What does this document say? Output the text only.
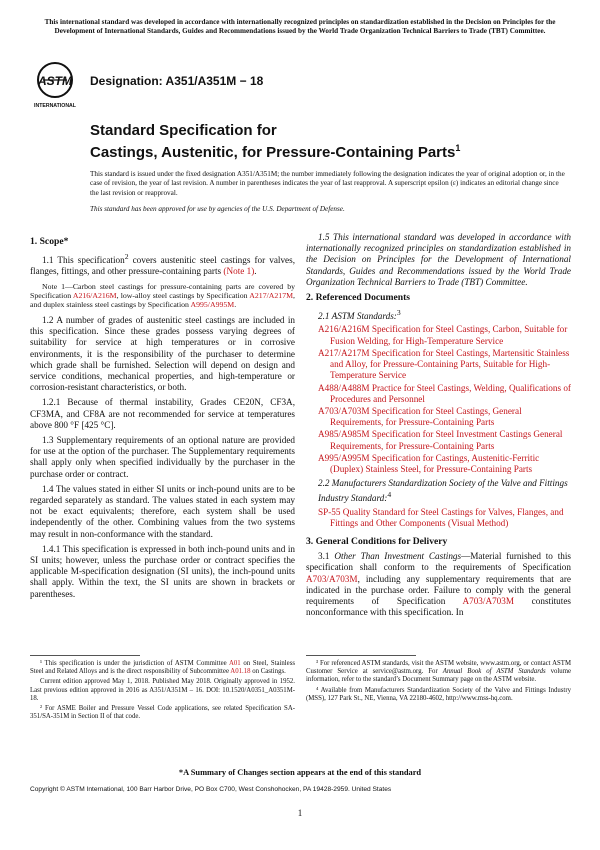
This international standard was developed in accordance with internationally recognized principles on standardization established in the Decision on Principles for the Development of International Standards, Guides and Recommendations issued by the World Trade Organization Technical Barriers to Trade (TBT) Committee.
ASTM
INTERNATIONAL
Designation: A351/A351M − 18
Standard Specification for
Castings, Austenitic, for Pressure-Containing Parts$^1$
This standard is issued under the fixed designation A351/A351M; the number immediately following the designation indicates the year of original adoption or, in the case of revision, the year of last revision. A number in parentheses indicates the year of last reapproval. A superscript epsilon (ε) indicates an editorial change since the last revision or reapproval.
This standard has been approved for use by agencies of the U.S. Department of Defense.
1. Scope*
1.1 This specification$^2$ covers austenitic steel castings for valves, flanges, fittings, and other pressure-containing parts (Note 1).
Note 1—Carbon steel castings for pressure-containing parts are covered by Specification A216/A216M, low-alloy steel castings by Specification A217/A217M, and duplex stainless steel castings by Specification A995/A995M.
1.2 A number of grades of austenitic steel castings are included in this specification. Since these grades possess varying degrees of suitability for service at high temperatures or in corrosive environments, it is the responsibility of the purchaser to determine which grade shall be furnished. Selection will depend on design and service conditions, mechanical properties, and high-temperature or corrosion-resistant characteristics, or both.
1.2.1 Because of thermal instability, Grades CE20N, CF3A, CF3MA, and CF8A are not recommended for service at temperatures above 800 °F [425 °C].
1.3 Supplementary requirements of an optional nature are provided for use at the option of the purchaser. The Supplementary requirements shall apply only when specified individually by the purchaser in the purchase order or contract.
1.4 The values stated in either SI units or inch-pound units are to be regarded separately as standard. The values stated in each system may not be exact equivalents; therefore, each system shall be used independently of the other. Combining values from the two systems may result in non-conformance with the standard.
1.4.1 This specification is expressed in both inch-pound units and in SI units; however, unless the purchase order or contract specifies the applicable M-specification designation (SI units), the inch-pound units shall apply. Within the text, the SI units are shown in brackets or parentheses.
1.5 This international standard was developed in accordance with internationally recognized principles on standardization established in the Decision on Principles for the Development of International Standards, Guides and Recommendations issued by the World Trade Organization Technical Barriers to Trade (TBT) Committee.
2. Referenced Documents
2.1 ASTM Standards:$^3$
A216/A216M Specification for Steel Castings, Carbon, Suitable for Fusion Welding, for High-Temperature Service
A217/A217M Specification for Steel Castings, Martensitic Stainless and Alloy, for Pressure-Containing Parts, Suitable for High-Temperature Service
A488/A488M Practice for Steel Castings, Welding, Qualifications of Procedures and Personnel
A703/A703M Specification for Steel Castings, General Requirements, for Pressure-Containing Parts
A985/A985M Specification for Steel Investment Castings General Requirements, for Pressure-Containing Parts
A995/A995M Specification for Castings, Austenitic-Ferritic (Duplex) Stainless Steel, for Pressure-Containing Parts
2.2 Manufacturers Standardization Society of the Valve and Fittings Industry Standard:$^4$
SP-55 Quality Standard for Steel Castings for Valves, Flanges, and Fittings and Other Components (Visual Method)
3. General Conditions for Delivery
3.1 Other Than Investment Castings—Material furnished to this specification shall conform to the requirements of Specification A703/A703M, including any supplementary requirements that are indicated in the purchase order. Failure to comply with the general requirements of Specification A703/A703M constitutes nonconformance with this specification. In
¹ This specification is under the jurisdiction of ASTM Committee A01 on Steel, Stainless Steel and Related Alloys and is the direct responsibility of Subcommittee A01.18 on Castings.
Current edition approved May 1, 2018. Published May 2018. Originally approved in 1952. Last previous edition approved in 2016 as A351/A351M – 16. DOI: 10.1520/A0351_A0351M-18.
² For ASME Boiler and Pressure Vessel Code applications, see related Specification SA-351/SA-351M in Section II of that code.
³ For referenced ASTM standards, visit the ASTM website, www.astm.org, or contact ASTM Customer Service at service@astm.org. For Annual Book of ASTM Standards volume information, refer to the standard’s Document Summary page on the ASTM website.
⁴ Available from Manufacturers Standardization Society of the Valve and Fittings Industry (MSS), 127 Park St., NE, Vienna, VA 22180-4602, http://www.mss-hq.com.
*A Summary of Changes section appears at the end of this standard
Copyright © ASTM International, 100 Barr Harbor Drive, PO Box C700, West Conshohocken, PA 19428-2959. United States
1
